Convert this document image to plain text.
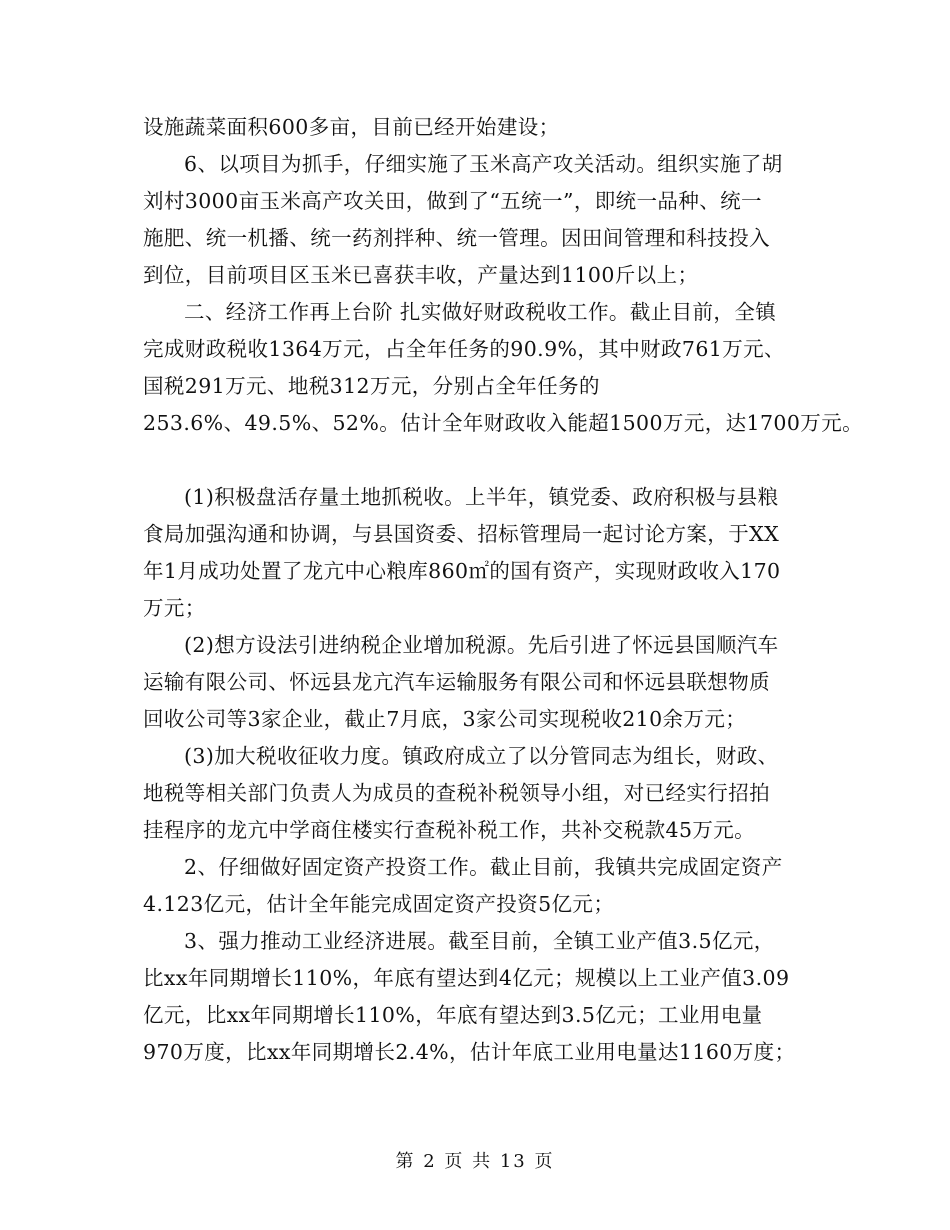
设施蔬菜面积600多亩，目前已经开始建设；
6、以项目为抓手，仔细实施了玉米高产攻关活动。组织实施了胡
刘村3000亩玉米高产攻关田，做到了“五统一”，即统一品种、统一
施肥、统一机播、统一药剂拌种、统一管理。因田间管理和科技投入
到位，目前项目区玉米已喜获丰收，产量达到1100斤以上；
二、经济工作再上台阶 扎实做好财政税收工作。截止目前，全镇
完成财政税收1364万元，占全年任务的90.9%，其中财政761万元、
国税291万元、地税312万元，分别占全年任务的
253.6%、49.5%、52%。估计全年财政收入能超1500万元，达1700万元。
(1)积极盘活存量土地抓税收。上半年，镇党委、政府积极与县粮
食局加强沟通和协调，与县国资委、招标管理局一起讨论方案，于XX
年1月成功处置了龙亢中心粮库860㎡的国有资产，实现财政收入170
万元；
(2)想方设法引进纳税企业增加税源。先后引进了怀远县国顺汽车
运输有限公司、怀远县龙亢汽车运输服务有限公司和怀远县联想物质
回收公司等3家企业，截止7月底，3家公司实现税收210余万元；
(3)加大税收征收力度。镇政府成立了以分管同志为组长，财政、
地税等相关部门负责人为成员的查税补税领导小组，对已经实行招拍
挂程序的龙亢中学商住楼实行查税补税工作，共补交税款45万元。
2、仔细做好固定资产投资工作。截止目前，我镇共完成固定资产
4.123亿元，估计全年能完成固定资产投资5亿元；
3、强力推动工业经济进展。截至目前，全镇工业产值3.5亿元，
比xx年同期增长110%，年底有望达到4亿元；规模以上工业产值3.09
亿元，比xx年同期增长110%，年底有望达到3.5亿元；工业用电量
970万度，比xx年同期增长2.4%，估计年底工业用电量达1160万度；
第 2 页 共 13 页
